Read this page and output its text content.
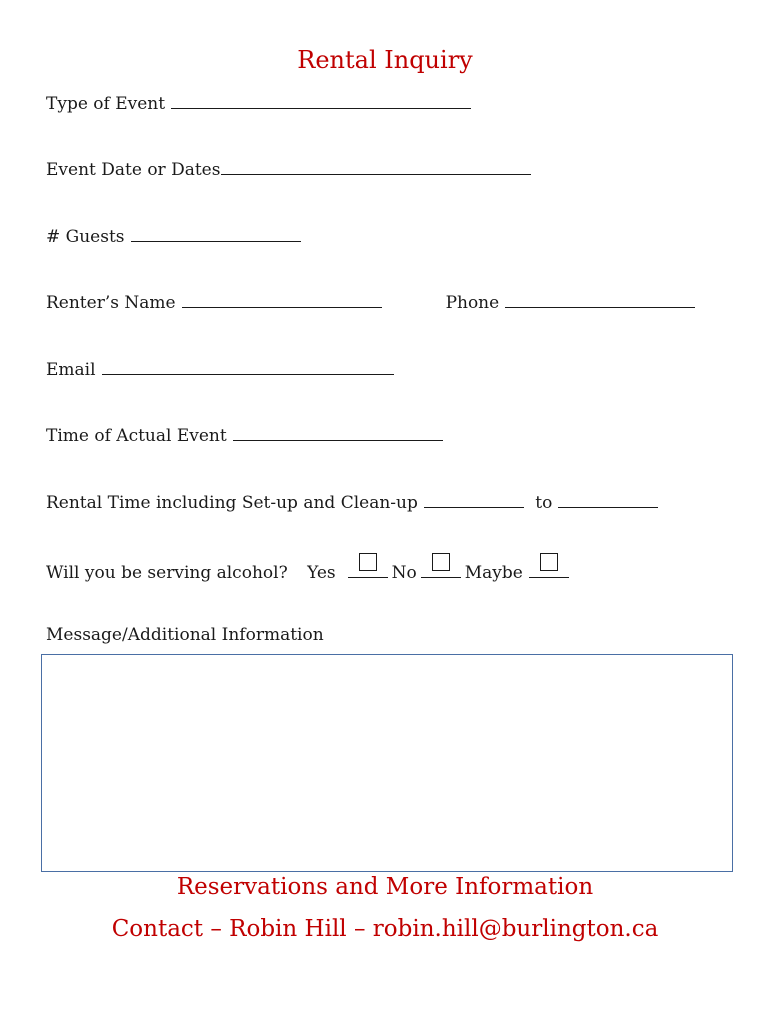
Rental Inquiry
Type of Event
Event Date or Dates
# Guests
Renter’s Name	Phone
Email
Time of Actual Event
Rental Time including Set-up and Clean-up	to
Will you be serving alcohol? Yes	No	Maybe
Message/Additional Information
Reservations and More Information
Contact – Robin Hill – robin.hill@burlington.ca
